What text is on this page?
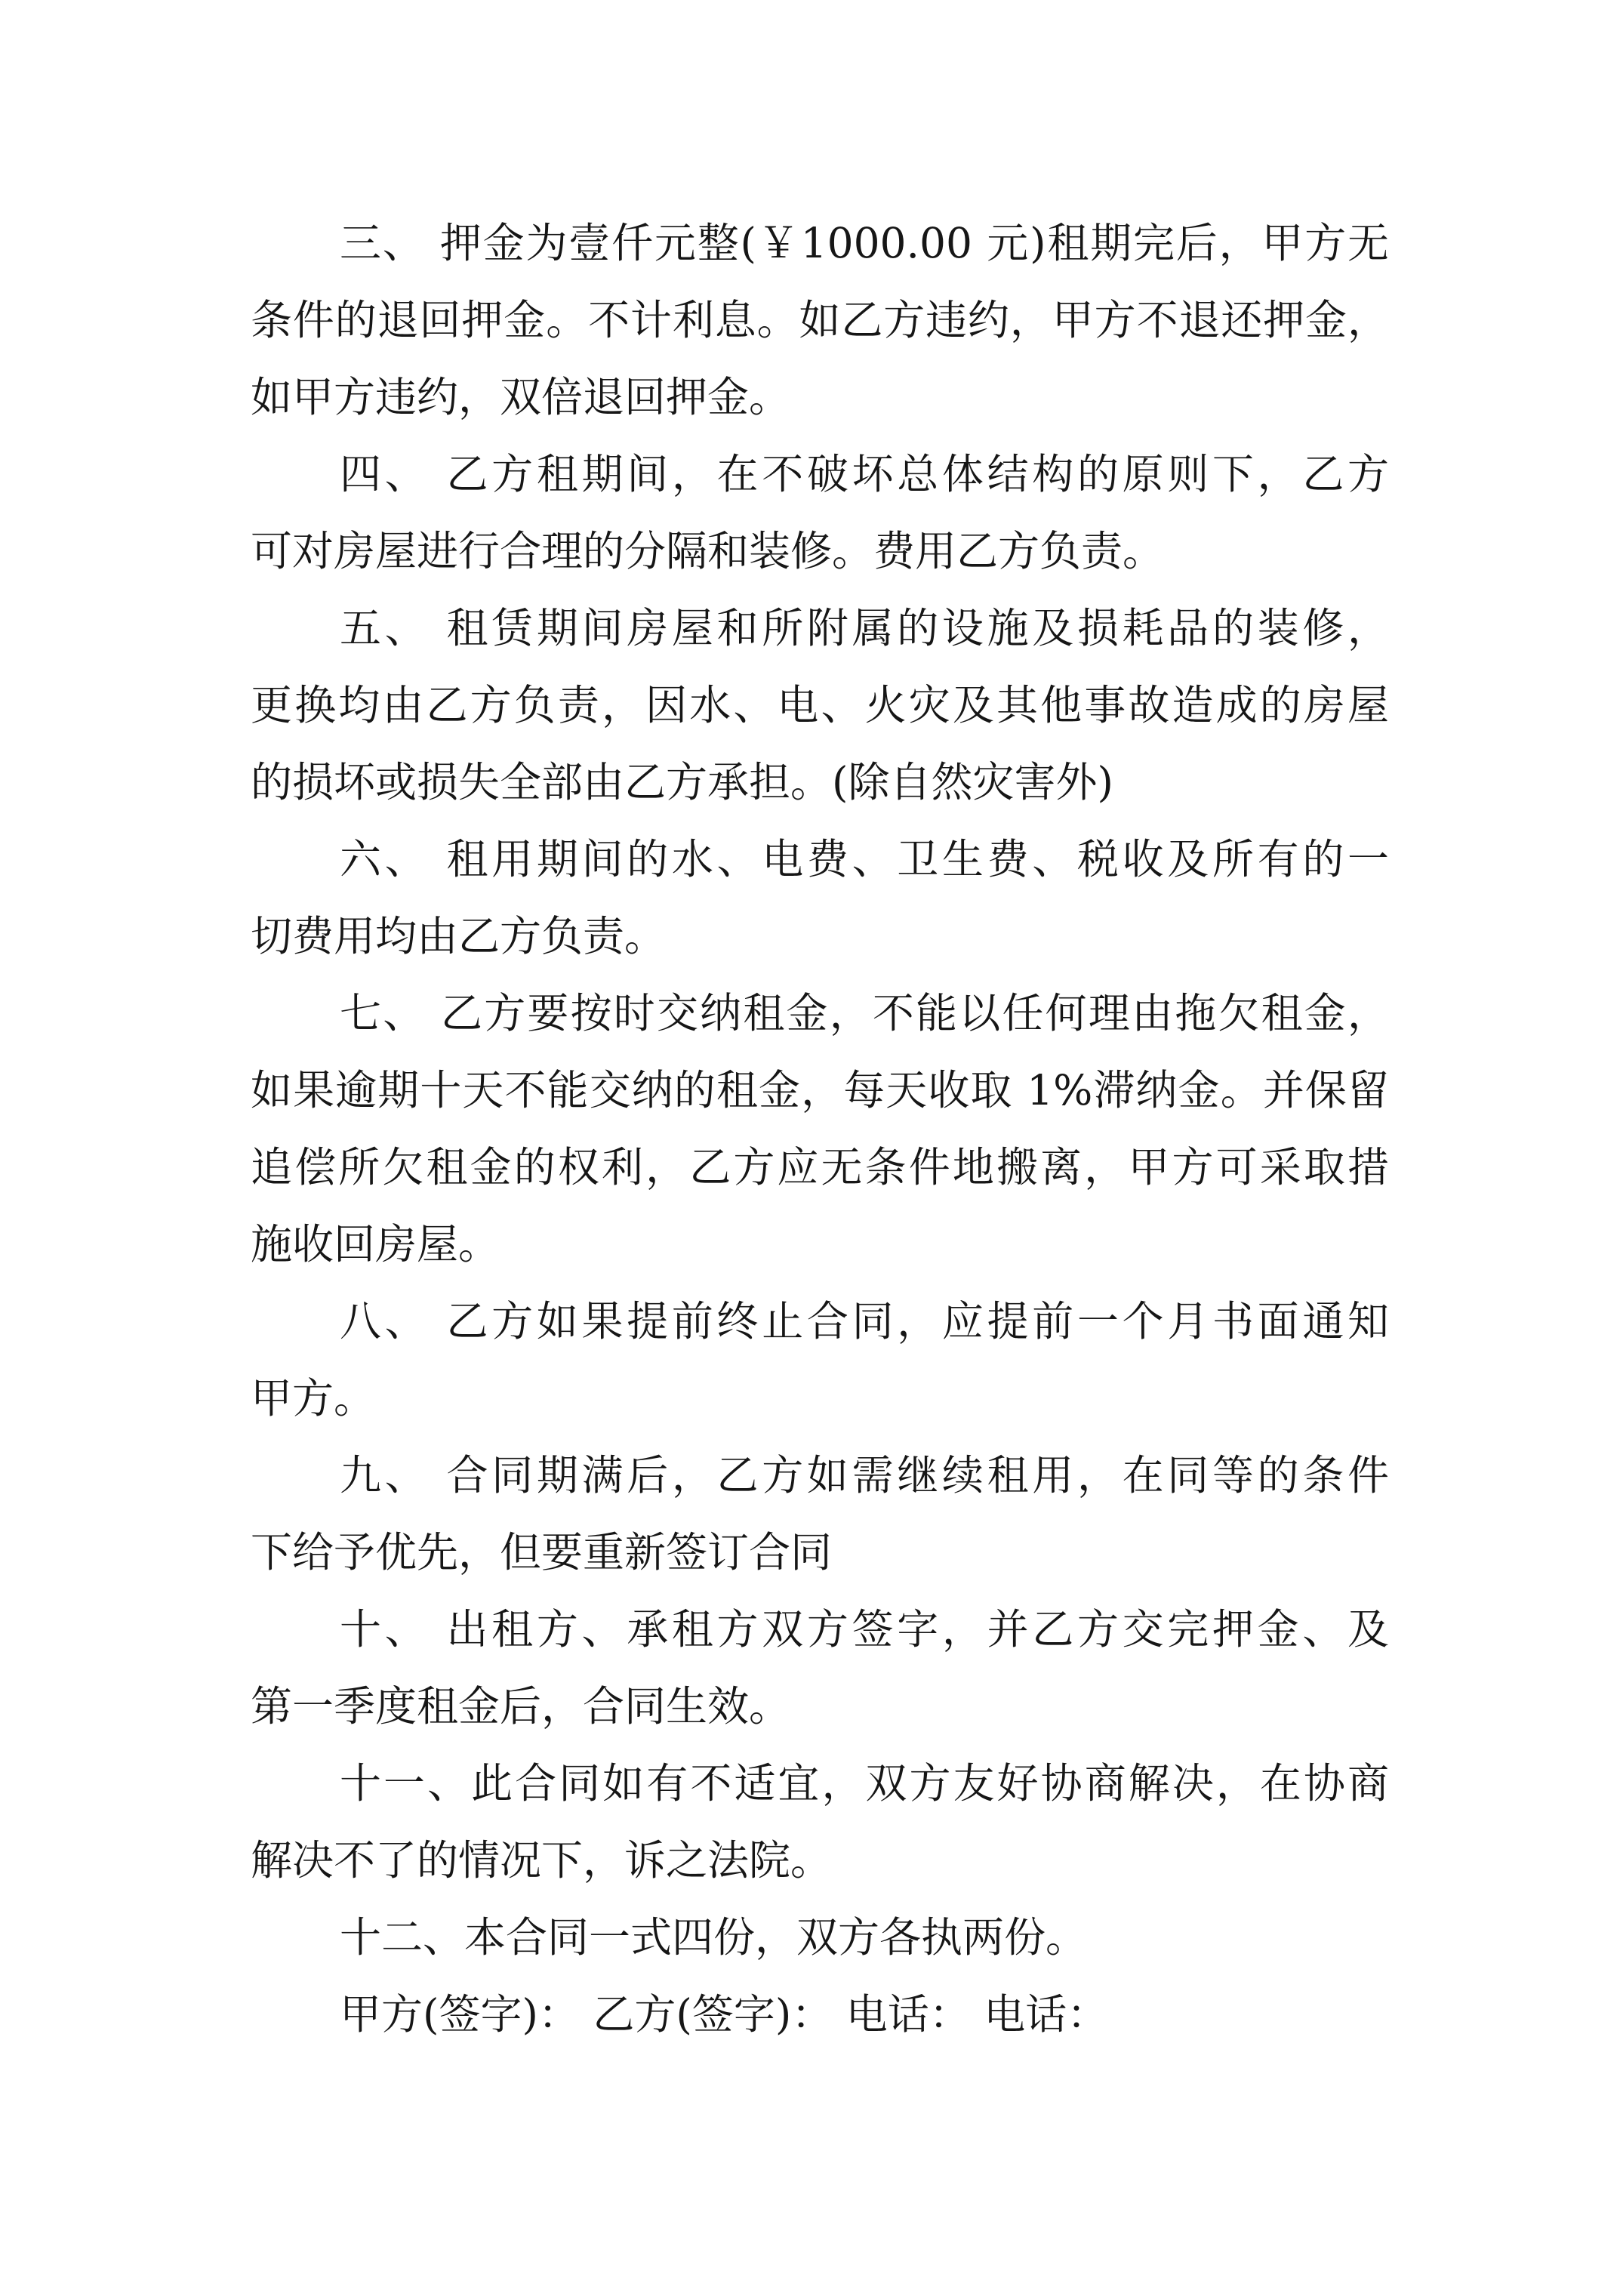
三、 押金为壹仟元整(￥1000.00 元)租期完后，甲方无
条件的退回押金。不计利息。如乙方违约，甲方不退还押金，
如甲方违约，双倍退回押金。
四、 乙方租期间，在不破坏总体结构的原则下，乙方
可对房屋进行合理的分隔和装修。费用乙方负责。
五、 租赁期间房屋和所附属的设施及损耗品的装修，
更换均由乙方负责，因水、电、火灾及其他事故造成的房屋
的损坏或损失全部由乙方承担。(除自然灾害外)
六、 租用期间的水、电费、卫生费、税收及所有的一
切费用均由乙方负责。
七、 乙方要按时交纳租金，不能以任何理由拖欠租金，
如果逾期十天不能交纳的租金，每天收取 1%滞纳金。并保留
追偿所欠租金的权利，乙方应无条件地搬离，甲方可采取措
施收回房屋。
八、 乙方如果提前终止合同，应提前一个月书面通知
甲方。
九、 合同期满后，乙方如需继续租用，在同等的条件
下给予优先，但要重新签订合同
十、 出租方、承租方双方签字，并乙方交完押金、及
第一季度租金后，合同生效。
十一、此合同如有不适宜，双方友好协商解决，在协商
解决不了的情况下，诉之法院。
十二、本合同一式四份，双方各执两份。
甲方(签字)： 乙方(签字)： 电话： 电话：
